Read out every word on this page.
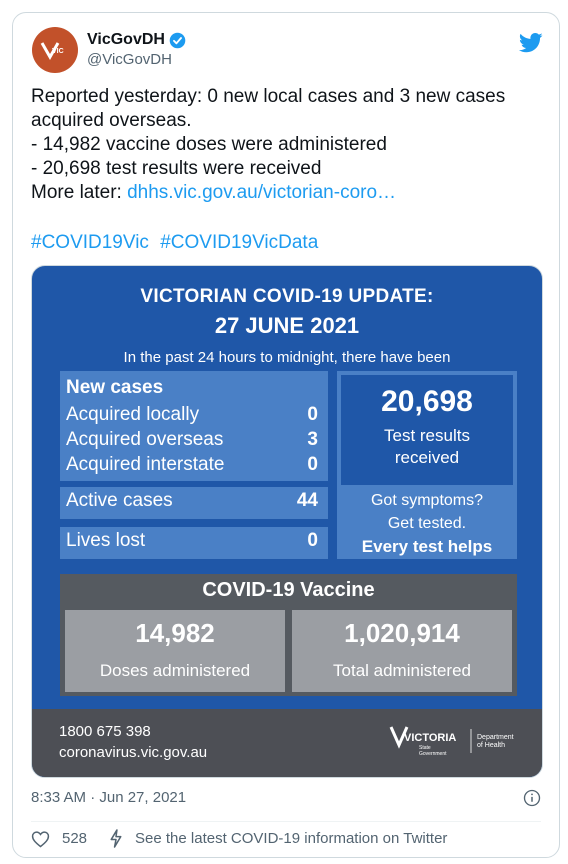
VIC
VicGovDH
@VicGovDH
Reported yesterday: 0 new local cases and 3 new cases acquired overseas.
- 14,982 vaccine doses were administered
- 20,698 test results were received
More later: dhhs.vic.gov.au/victorian-coro…
#COVID19Vic #COVID19VicData
VICTORIAN COVID-19 UPDATE:
27 JUNE 2021
In the past 24 hours to midnight, there have been
New cases
Acquired locally	0
Acquired overseas	3
Acquired interstate	0
Active cases	44
Lives lost	0
20,698
Test results
received
Got symptoms?
Get tested.
Every test helps
COVID-19 Vaccine
14,982
Doses administered
1,020,914
Total administered
1800 675 398
coronavirus.vic.gov.au
VICTORIA
State
Government
Department
of Health
8:33 AM · Jun 27, 2021
528	See the latest COVID-19 information on Twitter
